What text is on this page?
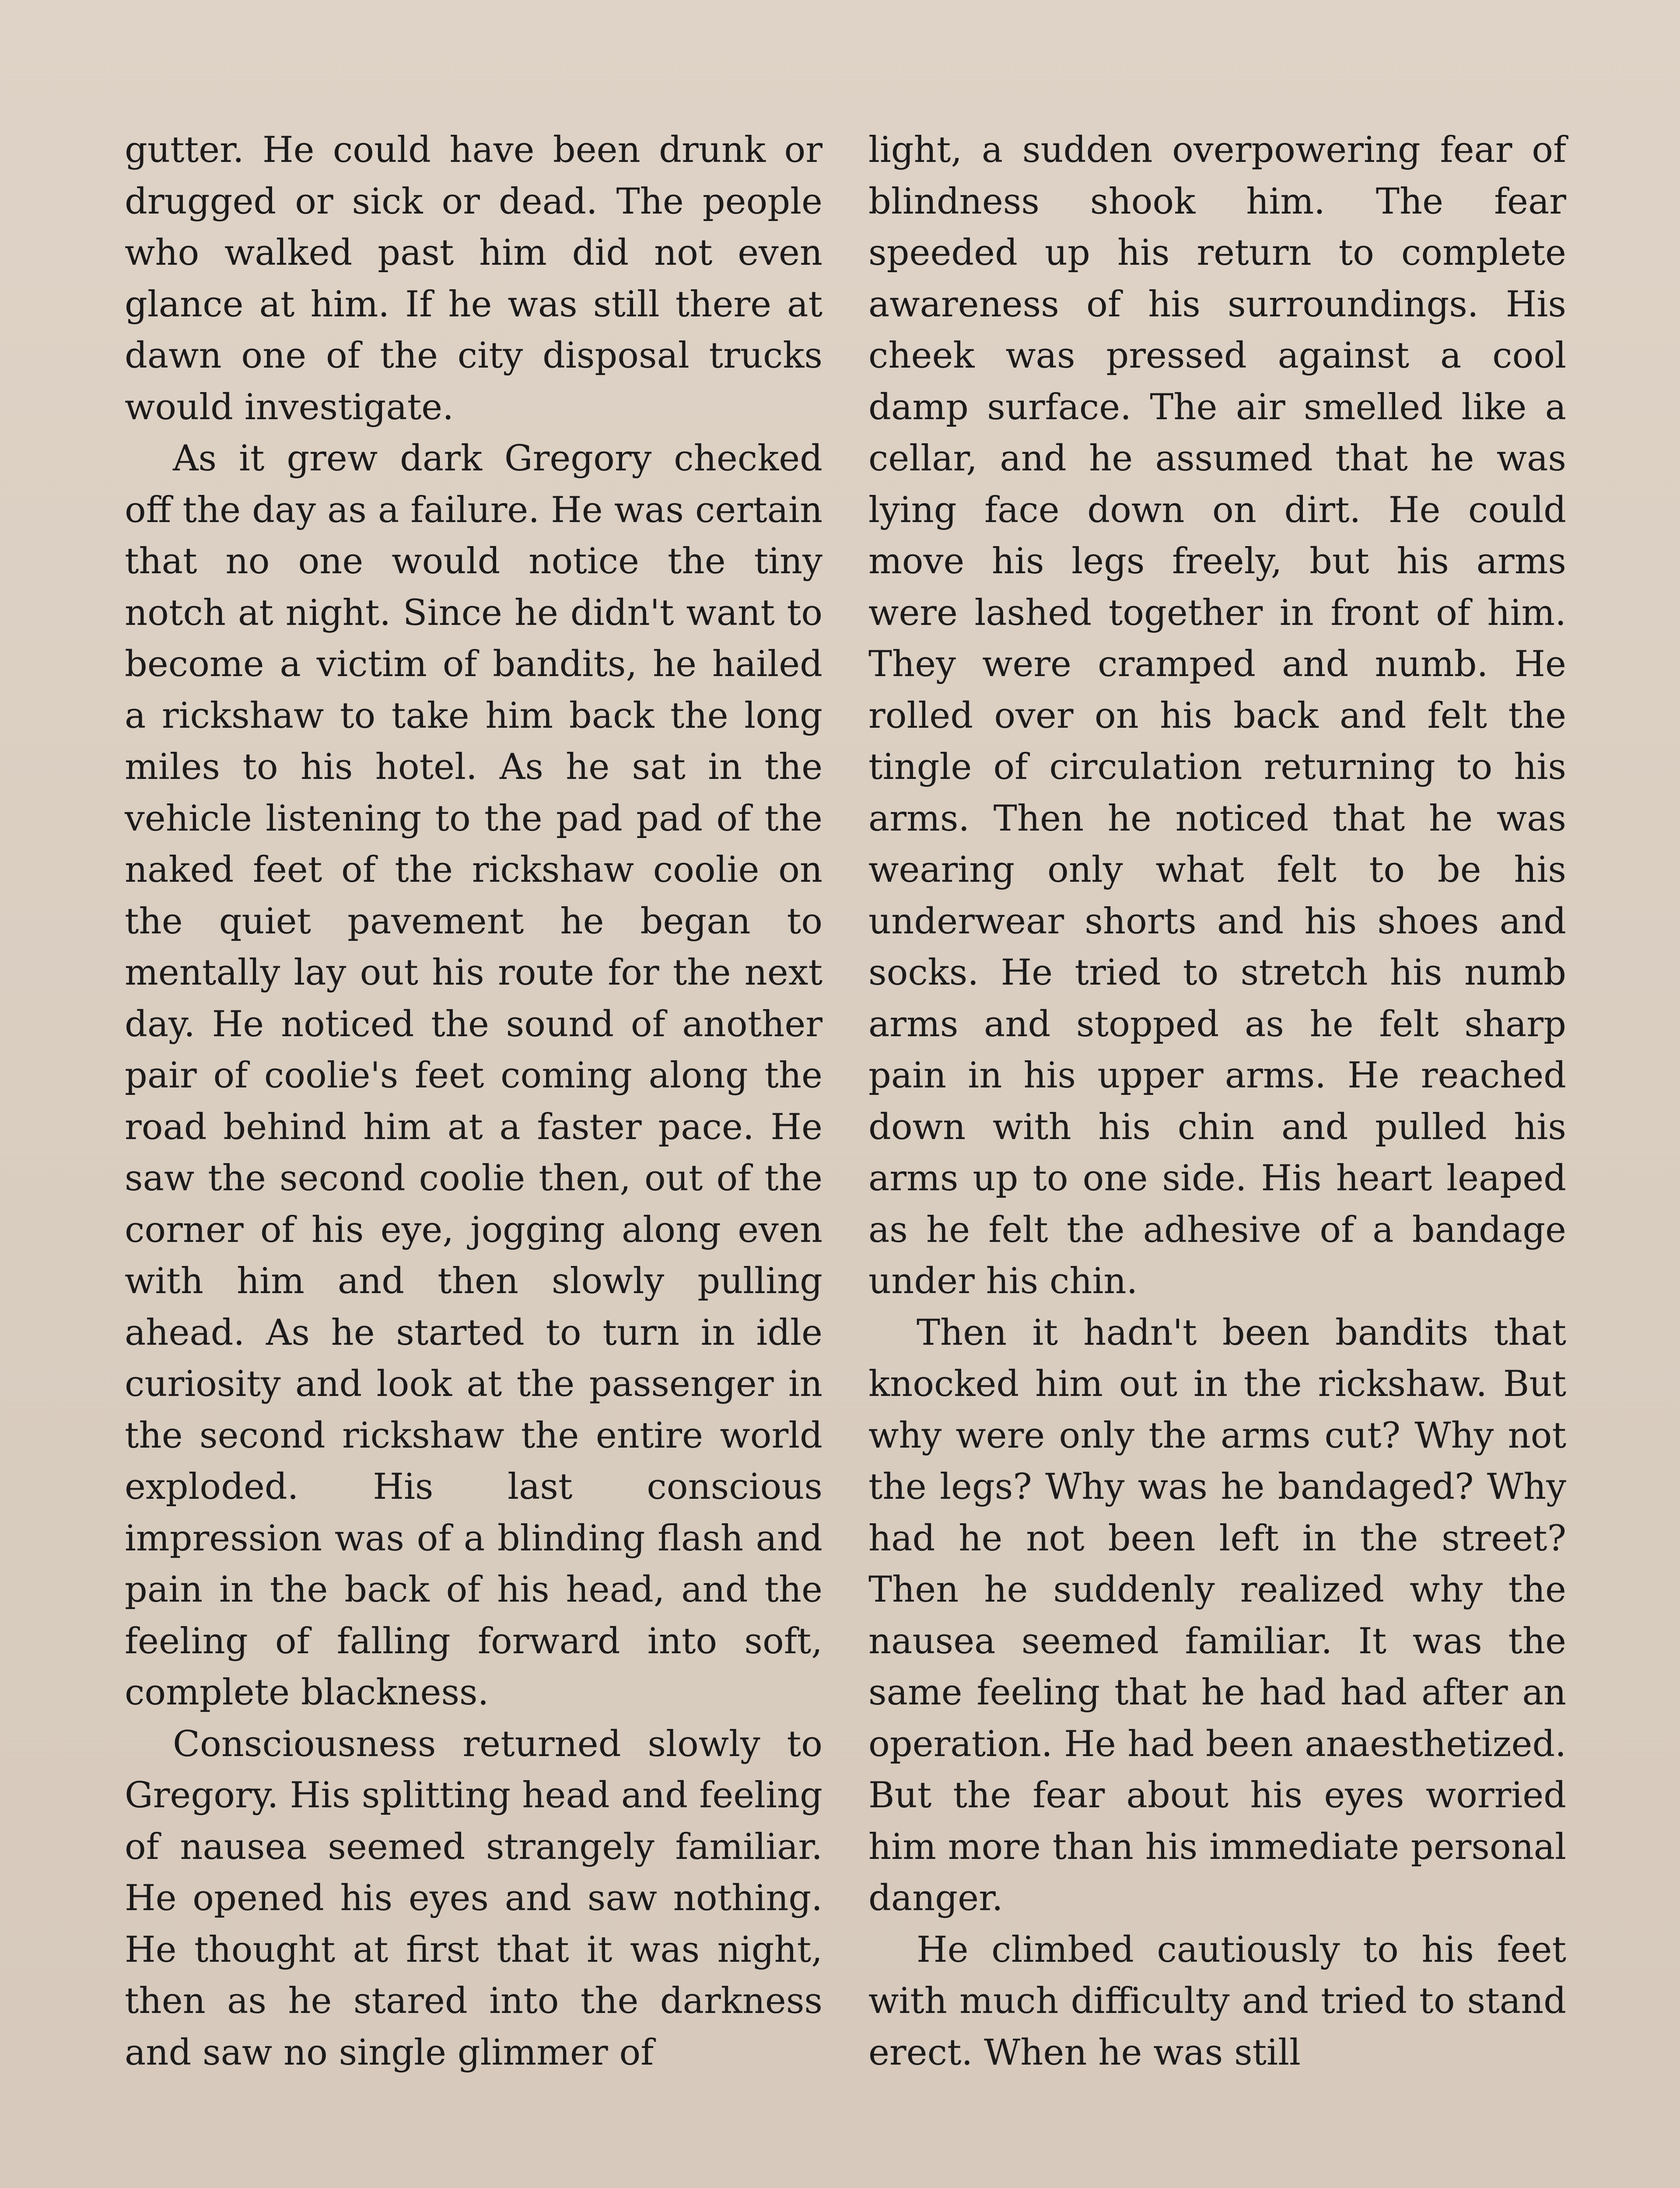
gutter. He could have been drunk or drugged or sick or dead. The people who walked past him did not even glance at him. If he was still there at dawn one of the city disposal trucks would investigate.

As it grew dark Gregory checked off the day as a failure. He was certain that no one would notice the tiny notch at night. Since he didn't want to become a victim of bandits, he hailed a rickshaw to take him back the long miles to his hotel. As he sat in the vehicle listening to the pad pad of the naked feet of the rickshaw coolie on the quiet pavement he began to mentally lay out his route for the next day. He noticed the sound of another pair of coolie's feet coming along the road behind him at a faster pace. He saw the second coolie then, out of the corner of his eye, jogging along even with him and then slowly pulling ahead. As he started to turn in idle curiosity and look at the passenger in the second rickshaw the entire world exploded. His last conscious impression was of a blinding flash and pain in the back of his head, and the feeling of falling forward into soft, complete blackness.

Consciousness returned slowly to Gregory. His splitting head and feeling of nausea seemed strangely familiar. He opened his eyes and saw nothing. He thought at first that it was night, then as he stared into the darkness and saw no single glimmer of

light, a sudden overpowering fear of blindness shook him. The fear speeded up his return to complete awareness of his surroundings. His cheek was pressed against a cool damp surface. The air smelled like a cellar, and he assumed that he was lying face down on dirt. He could move his legs freely, but his arms were lashed together in front of him. They were cramped and numb. He rolled over on his back and felt the tingle of circulation returning to his arms. Then he noticed that he was wearing only what felt to be his underwear shorts and his shoes and socks. He tried to stretch his numb arms and stopped as he felt sharp pain in his upper arms. He reached down with his chin and pulled his arms up to one side. His heart leaped as he felt the adhesive of a bandage under his chin.

Then it hadn't been bandits that knocked him out in the rickshaw. But why were only the arms cut? Why not the legs? Why was he bandaged? Why had he not been left in the street? Then he suddenly realized why the nausea seemed familiar. It was the same feeling that he had had after an operation. He had been anaesthetized. But the fear about his eyes worried him more than his immediate personal danger.

He climbed cautiously to his feet with much difficulty and tried to stand erect. When he was still
